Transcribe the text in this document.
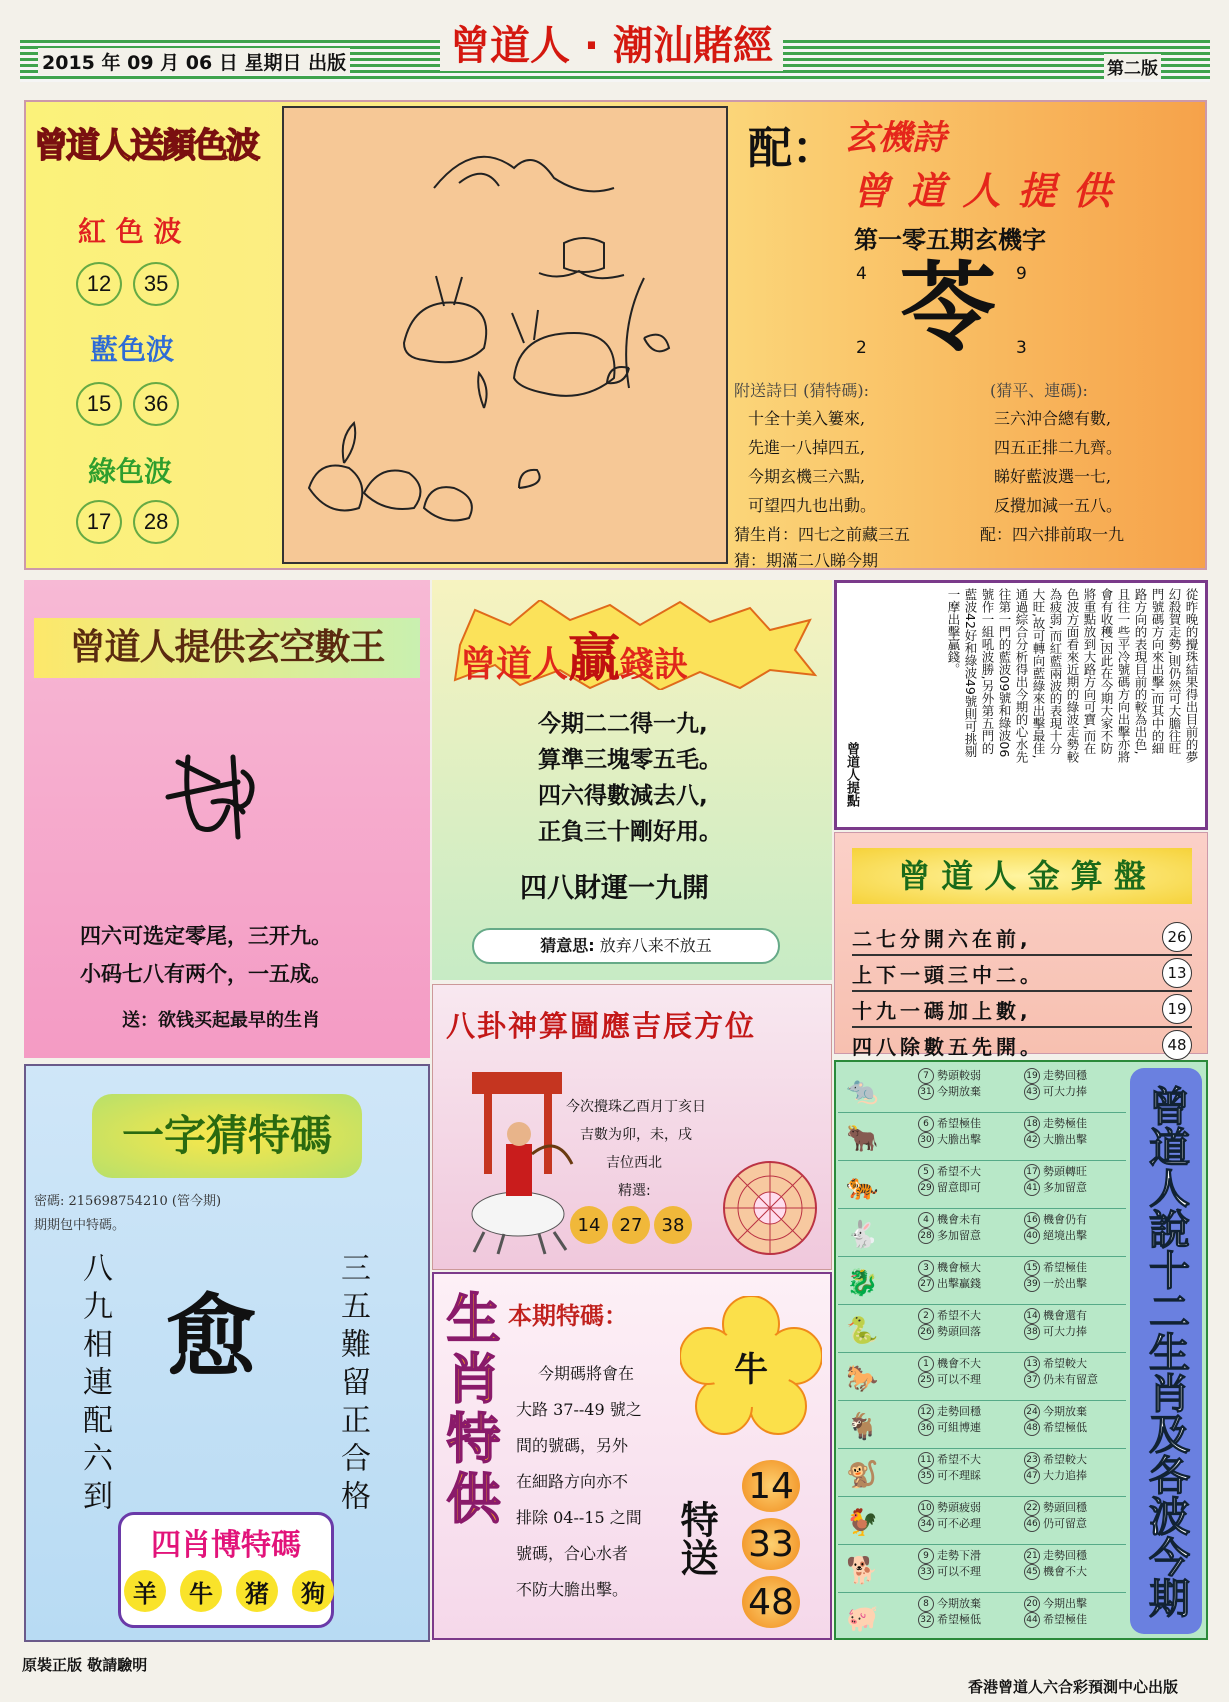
2015 年 09 月 06 日 星期日 出版	曾道人 · 潮汕賭經	第二版
曾道人送顏色波
紅 色 波
12 35
藍色波
15 36
綠色波
17 28
配： 玄機詩
曾 道 人 提 供
第一零五期玄機字
4	9
2	3
苓
附送詩曰 (猜特碼):	(猜平、連碼):
十全十美入簍來,
先進一八掉四五,
今期玄機三六點,
可望四九也出動。
三六沖合總有數,
四五正排二九齊。
睇好藍波選一七,
反攪加減一五八。
猜生肖：四七之前藏三五	配：四六排前取一九
猜：期滿二八睇今期
曾道人提供玄空數王
四六可选定零尾，三开九。
小码七八有两个，一五成。
送：欲钱买起最早的生肖
曾道人贏錢訣
今期二二得一九,
算準三塊零五毛。
四六得數減去八,
正負三十剛好用。
四八財運一九開
猜意思: 放弃八来不放五
從昨晚的攪珠結果得出目前的夢幻殺賀走勢,則仍然可大膽往旺門號碼方向來出擊,而其中的細路方向的表現目前的較為出色,且往一些平冷號碼方向出擊亦將會有收穫,因此在今期大家不防將重點放到大路方向可寶,而在色波方面看來近期的綠波走勢較為疲弱,而紅藍兩波的表現十分大旺,故可轉向藍綠來出擊最佳,通過綜合分析得出今期的心水先往第一門的藍波09號和綠波06號作一組吼波勝,另外第五門的藍波42好和綠波49號則可挑剔一摩出擊贏錢。
曾道人提點
曾 道 人 金 算 盤
二七分開六在前,	26
上下一頭三中二。	13
十九一碼加上數,	19
四八除數五先開。	48
一字猜特碼
密碼: 215698754210 (管今期)
期期包中特碼。
八九相連配六到 愈	三五難留正合格
四肖博特碼
羊	牛	猪	狗
八卦神算圖應吉辰方位
今次攪珠乙酉月丁亥日
吉數为卯，未，戌
吉位西北
精選:
14	27	38
生肖特供 本期特碼：
今期碼將會在
大路 37--49 號之
間的號碼，另外
在細路方向亦不
排除 04--15 之間
號碼，合心水者
不防大膽出擊。
牛
特送
14
33
48
🐀	7 勢頭較弱
31 今期放棄
19 走勢回穩
43 可大力捧
🐂	6 希望極佳
30 大膽出擊
18 走勢極佳
42 大膽出擊
🐅	5 希望不大
29 留意即可
17 勢頭轉旺
41 多加留意
🐇	4 機會未有
28 多加留意
16 機會仍有
40 絕境出擊
🐉	3 機會極大
27 出擊贏錢
15 希望極佳
39 一於出擊
🐍	2 希望不大
26 勢頭回落
14 機會還有
38 可大力捧
🐎	1 機會不大
25 可以不理
13 希望較大
37 仍未有留意
🐐	12 走勢回穩
36 可組博連
24 今期放棄
48 希望極低
🐒	11 希望不大
35 可不理睬
23 希望較大
47 大力追捧
🐓	10 勢頭疲弱
34 可不必理
22 勢頭回穩
46 仍可留意
🐕	9 走勢下滑
33 可以不理
21 走勢回穩
45 機會不大
🐖	8 今期放棄
32 希望極低
20 今期出擊
44 希望極佳
曾道人說十二生肖及各波今期
原裝正版 敬請驗明
香港曾道人六合彩預測中心出版
